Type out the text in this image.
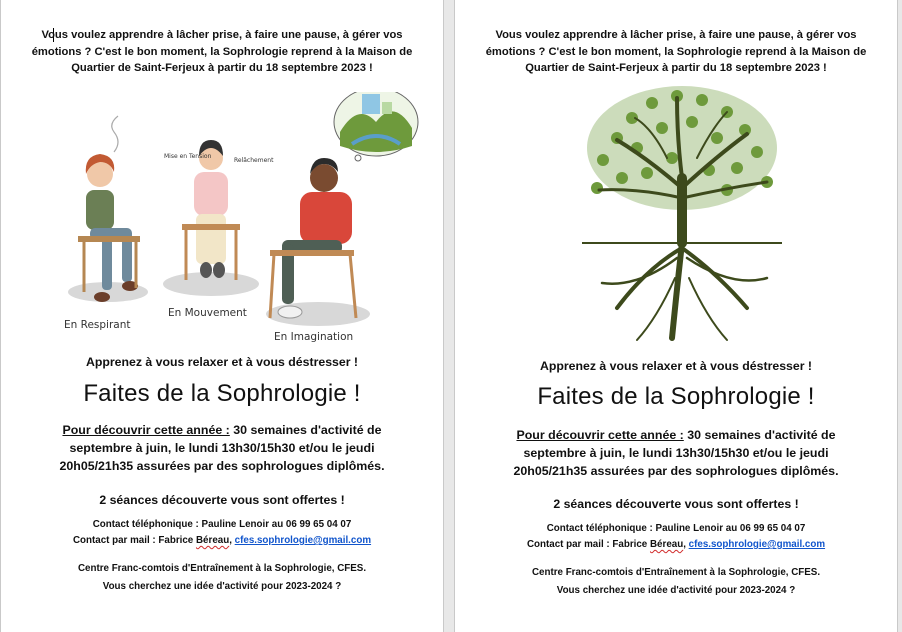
Vous voulez apprendre à lâcher prise, à faire une pause, à gérer vos émotions ? C'est le bon moment, la Sophrologie reprend à la Maison de Quartier de Saint-Ferjeux à partir du 18 septembre 2023 !
En Respirant
Mise en Tension
Relâchement
En Mouvement
En Imagination
Apprenez à vous relaxer et à vous déstresser !
Faites de la Sophrologie !
Pour découvrir cette année : 30 semaines d'activité de septembre à juin, le lundi 13h30/15h30 et/ou le jeudi 20h05/21h35 assurées par des sophrologues diplômés.
2 séances découverte vous sont offertes !
Contact téléphonique : Pauline Lenoir au 06 99 65 04 07
Contact par mail : Fabrice Béreau, cfes.sophrologie@gmail.com
Centre Franc-comtois d'Entraînement à la Sophrologie, CFES.
Vous cherchez une idée d'activité pour 2023-2024 ?
Vous voulez apprendre à lâcher prise, à faire une pause, à gérer vos émotions ? C'est le bon moment, la Sophrologie reprend à la Maison de Quartier de Saint-Ferjeux à partir du 18 septembre 2023 !
Apprenez à vous relaxer et à vous déstresser !
Faites de la Sophrologie !
Pour découvrir cette année : 30 semaines d'activité de septembre à juin, le lundi 13h30/15h30 et/ou le jeudi 20h05/21h35 assurées par des sophrologues diplômés.
2 séances découverte vous sont offertes !
Contact téléphonique : Pauline Lenoir au 06 99 65 04 07
Contact par mail : Fabrice Béreau, cfes.sophrologie@gmail.com
Centre Franc-comtois d'Entraînement à la Sophrologie, CFES.
Vous cherchez une idée d'activité pour 2023-2024 ?
